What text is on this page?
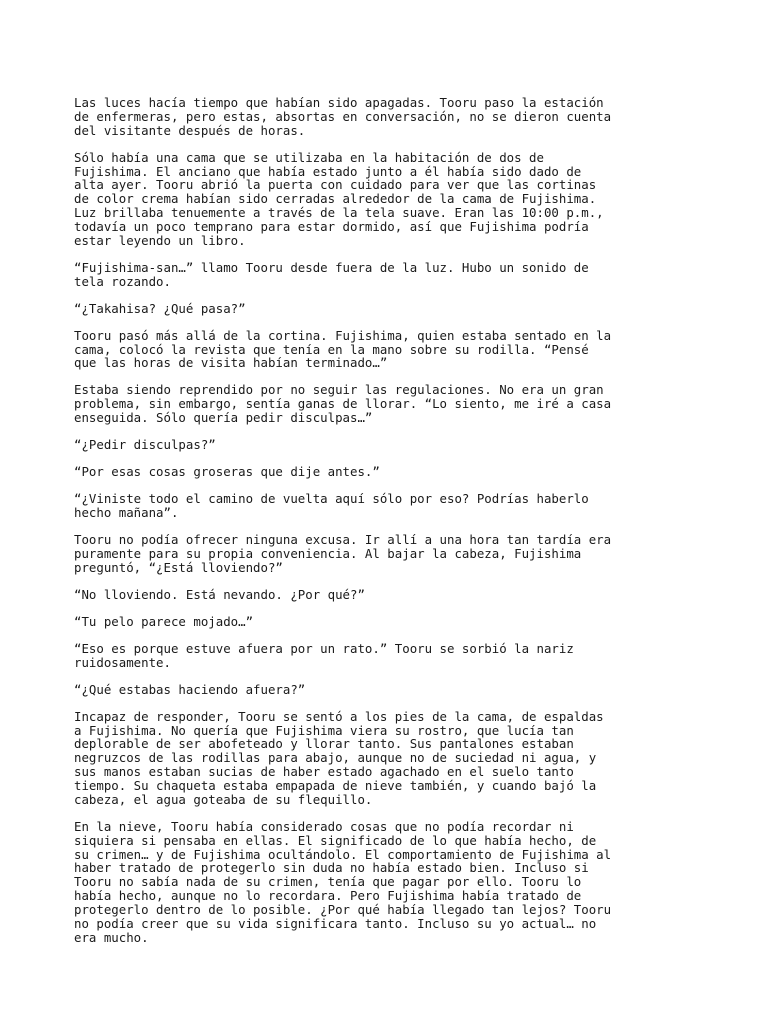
Las luces hacía tiempo que habían sido apagadas. Tooru paso la estación
de enfermeras, pero estas, absortas en conversación, no se dieron cuenta
del visitante después de horas.

Sólo había una cama que se utilizaba en la habitación de dos de
Fujishima. El anciano que había estado junto a él había sido dado de
alta ayer. Tooru abrió la puerta con cuidado para ver que las cortinas
de color crema habían sido cerradas alrededor de la cama de Fujishima.
Luz brillaba tenuemente a través de la tela suave. Eran las 10:00 p.m.,
todavía un poco temprano para estar dormido, así que Fujishima podría
estar leyendo un libro.

“Fujishima-san…” llamo Tooru desde fuera de la luz. Hubo un sonido de
tela rozando.

“¿Takahisa? ¿Qué pasa?”

Tooru pasó más allá de la cortina. Fujishima, quien estaba sentado en la
cama, colocó la revista que tenía en la mano sobre su rodilla. “Pensé
que las horas de visita habían terminado…”

Estaba siendo reprendido por no seguir las regulaciones. No era un gran
problema, sin embargo, sentía ganas de llorar. “Lo siento, me iré a casa
enseguida. Sólo quería pedir disculpas…”

“¿Pedir disculpas?”

“Por esas cosas groseras que dije antes.”

“¿Viniste todo el camino de vuelta aquí sólo por eso? Podrías haberlo
hecho mañana”.

Tooru no podía ofrecer ninguna excusa. Ir allí a una hora tan tardía era
puramente para su propia conveniencia. Al bajar la cabeza, Fujishima
preguntó, “¿Está lloviendo?”

“No lloviendo. Está nevando. ¿Por qué?”

“Tu pelo parece mojado…”

“Eso es porque estuve afuera por un rato.” Tooru se sorbió la nariz
ruidosamente.

“¿Qué estabas haciendo afuera?”

Incapaz de responder, Tooru se sentó a los pies de la cama, de espaldas
a Fujishima. No quería que Fujishima viera su rostro, que lucía tan
deplorable de ser abofeteado y llorar tanto. Sus pantalones estaban
negruzcos de las rodillas para abajo, aunque no de suciedad ni agua, y
sus manos estaban sucias de haber estado agachado en el suelo tanto
tiempo. Su chaqueta estaba empapada de nieve también, y cuando bajó la
cabeza, el agua goteaba de su flequillo.

En la nieve, Tooru había considerado cosas que no podía recordar ni
siquiera si pensaba en ellas. El significado de lo que había hecho, de
su crimen… y de Fujishima ocultándolo. El comportamiento de Fujishima al
haber tratado de protegerlo sin duda no había estado bien. Incluso si
Tooru no sabía nada de su crimen, tenía que pagar por ello. Tooru lo
había hecho, aunque no lo recordara. Pero Fujishima había tratado de
protegerlo dentro de lo posible. ¿Por qué había llegado tan lejos? Tooru
no podía creer que su vida significara tanto. Incluso su yo actual… no
era mucho.
